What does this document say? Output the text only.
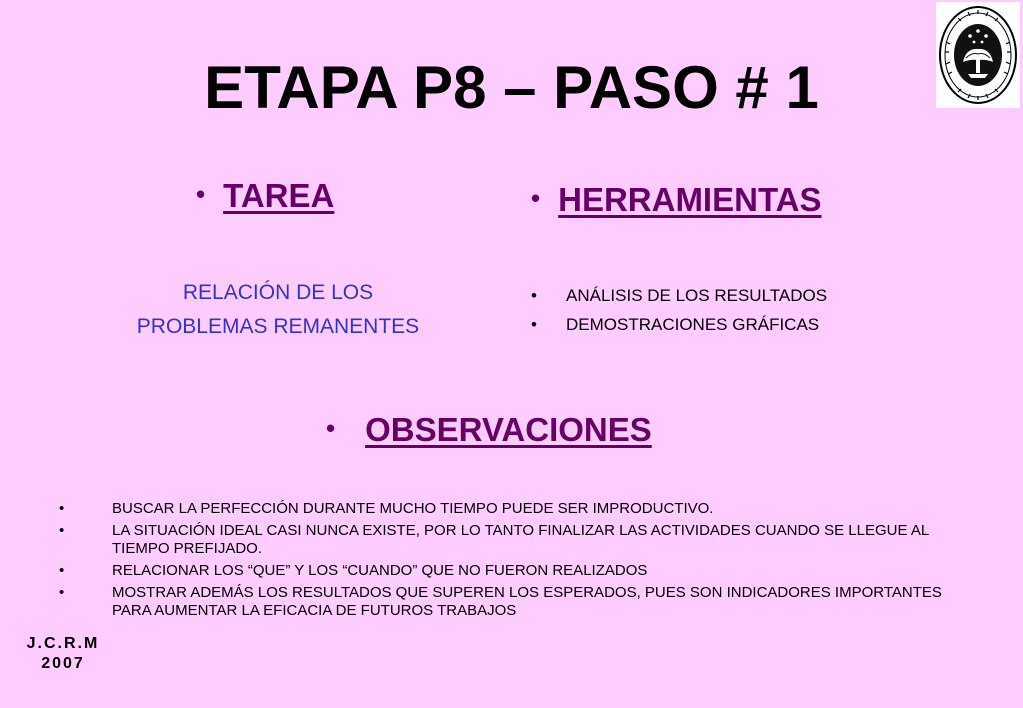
ETAPA P8 – PASO # 1
• TAREA
RELACIÓN DE LOS
PROBLEMAS REMANENTES
• HERRAMIENTAS
• ANÁLISIS DE LOS RESULTADOS
• DEMOSTRACIONES GRÁFICAS
• OBSERVACIONES
•	BUSCAR LA PERFECCIÓN DURANTE MUCHO TIEMPO PUEDE SER IMPRODUCTIVO.
•	LA SITUACIÓN IDEAL CASI NUNCA EXISTE, POR LO TANTO FINALIZAR LAS ACTIVIDADES CUANDO SE LLEGUE AL TIEMPO PREFIJADO.
•	RELACIONAR LOS “QUE” Y LOS “CUANDO” QUE NO FUERON REALIZADOS
•	MOSTRAR ADEMÁS LOS RESULTADOS QUE SUPEREN LOS ESPERADOS, PUES SON INDICADORES IMPORTANTES PARA AUMENTAR LA EFICACIA DE FUTUROS TRABAJOS
J.C.R.M
2007
